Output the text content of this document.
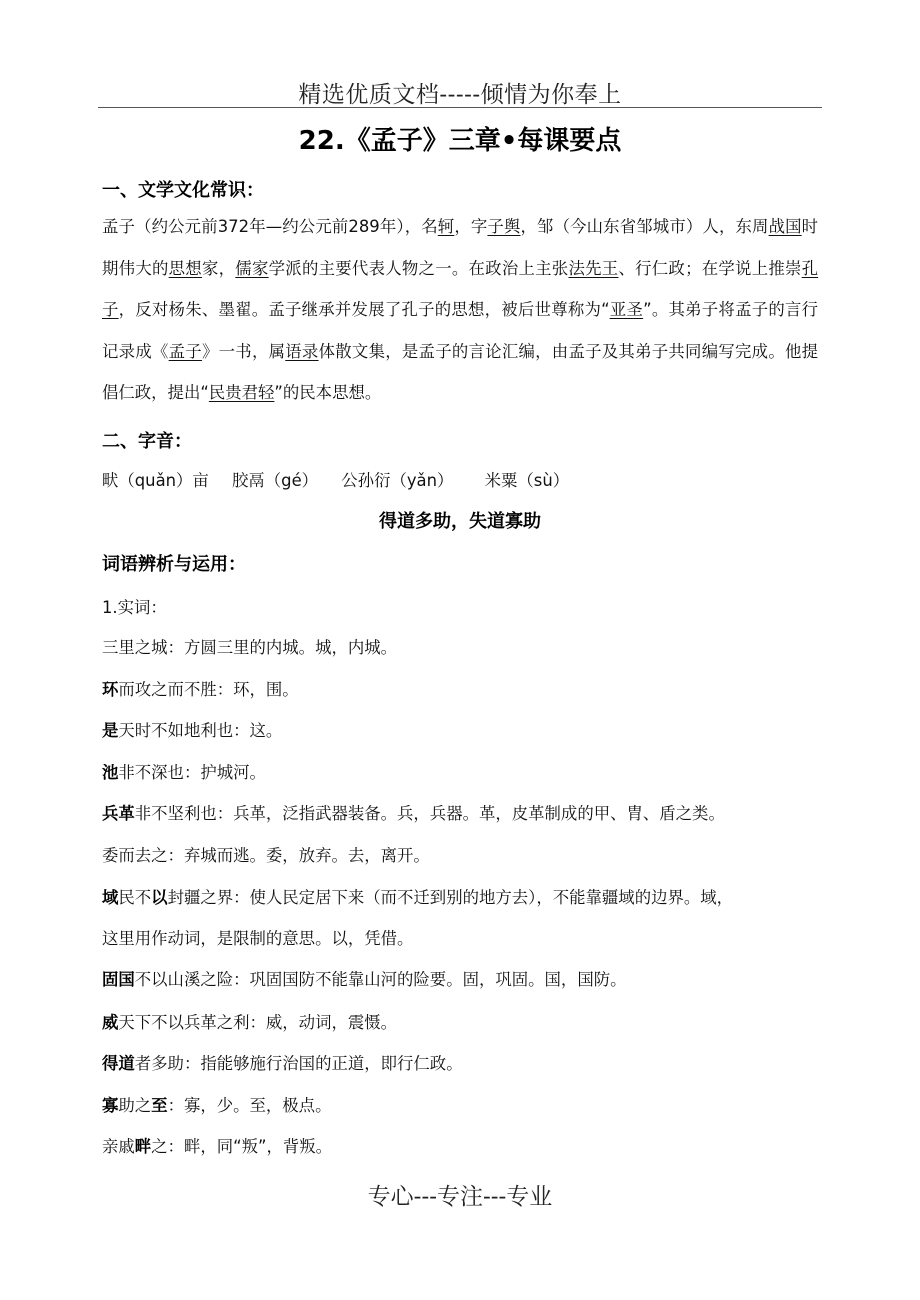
精选优质文档-----倾情为你奉上
22.《孟子》三章•每课要点
一、文学文化常识：
孟子（约公元前372年—约公元前289年），名轲，字子舆，邹（今山东省邹城市）人，东周战国时期伟大的思想家，儒家学派的主要代表人物之一。在政治上主张法先王、行仁政；在学说上推崇孔子，反对杨朱、墨翟。孟子继承并发展了孔子的思想，被后世尊称为“亚圣”。其弟子将孟子的言行记录成《孟子》一书，属语录体散文集，是孟子的言论汇编，由孟子及其弟子共同编写完成。他提倡仁政，提出“民贵君轻”的民本思想。
二、字音：
畎（quǎn）亩 胶鬲（gé） 公孙衍（yǎn） 米粟（sù）
得道多助，失道寡助
词语辨析与运用：
1.实词：
三里之城：方圆三里的内城。城，内城。
环而攻之而不胜：环，围。
是天时不如地利也：这。
池非不深也：护城河。
兵革非不坚利也：兵革，泛指武器装备。兵，兵器。革，皮革制成的甲、胄、盾之类。
委而去之：弃城而逃。委，放弃。去，离开。
域民不以封疆之界：使人民定居下来（而不迁到别的地方去），不能靠疆域的边界。域，
这里用作动词，是限制的意思。以，凭借。
固国不以山溪之险：巩固国防不能靠山河的险要。固，巩固。国，国防。
威天下不以兵革之利：威，动词，震慑。
得道者多助：指能够施行治国的正道，即行仁政。
寡助之至：寡，少。至，极点。
亲戚畔之：畔，同“叛”，背叛。
专心---专注---专业
